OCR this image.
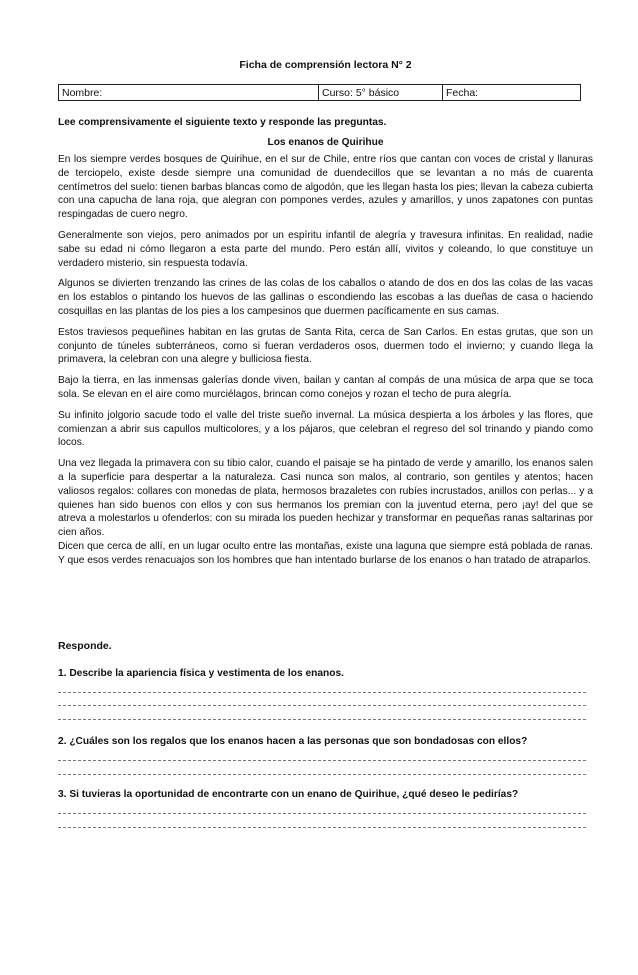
Ficha de comprensión lectora N° 2
Nombre:	Curso: 5° básico	Fecha:
Lee comprensivamente el siguiente texto y responde las preguntas.
Los enanos de Quirihue

En los siempre verdes bosques de Quirihue, en el sur de Chile, entre ríos que cantan con voces de cristal y llanuras de terciopelo, existe desde siempre una comunidad de duendecillos que se levantan a no más de cuarenta centímetros del suelo: tienen barbas blancas como de algodón, que les llegan hasta los pies; llevan la cabeza cubierta con una capucha de lana roja, que alegran con pompones verdes, azules y amarillos, y unos zapatones con puntas respingadas de cuero negro.

Generalmente son viejos, pero animados por un espíritu infantil de alegría y travesura infinitas. En realidad, nadie sabe su edad ni cómo llegaron a esta parte del mundo. Pero están allí, vivitos y coleando, lo que constituye un verdadero misterio, sin respuesta todavía.

Algunos se divierten trenzando las crines de las colas de los caballos o atando de dos en dos las colas de las vacas en los establos o pintando los huevos de las gallinas o escondiendo las escobas a las dueñas de casa o haciendo cosquillas en las plantas de los pies a los campesinos que duermen pacíficamente en sus camas.

Estos traviesos pequeñines habitan en las grutas de Santa Rita, cerca de San Carlos. En estas grutas, que son un conjunto de túneles subterráneos, como si fueran verdaderos osos, duermen todo el invierno; y cuando llega la primavera, la celebran con una alegre y bulliciosa fiesta.

Bajo la tierra, en las inmensas galerías donde viven, bailan y cantan al compás de una música de arpa que se toca sola. Se elevan en el aire como murciélagos, brincan como conejos y rozan el techo de pura alegría.

Su infinito jolgorio sacude todo el valle del triste sueño invernal. La música despierta a los árboles y las flores, que comienzan a abrir sus capullos multicolores, y a los pájaros, que celebran el regreso del sol trinando y piando como locos.

Una vez llegada la primavera con su tibio calor, cuando el paisaje se ha pintado de verde y amarillo, los enanos salen a la superficie para despertar a la naturaleza. Casi nunca son malos, al contrario, son gentiles y atentos; hacen valiosos regalos: collares con monedas de plata, hermosos brazaletes con rubíes incrustados, anillos con perlas... y a quienes han sido buenos con ellos y con sus hermanos los premian con la juventud eterna, pero ¡ay! del que se atreva a molestarlos u ofenderlos: con su mirada los pueden hechizar y transformar en pequeñas ranas saltarinas por cien años.

Dicen que cerca de allí, en un lugar oculto entre las montañas, existe una laguna que siempre está poblada de ranas. Y que esos verdes renacuajos son los hombres que han intentado burlarse de los enanos o han tratado de atraparlos.

Responde.
1. Describe la apariencia física y vestimenta de los enanos.
2. ¿Cuáles son los regalos que los enanos hacen a las personas que son bondadosas con ellos?
3. Si tuvieras la oportunidad de encontrarte con un enano de Quirihue, ¿qué deseo le pedirías?
